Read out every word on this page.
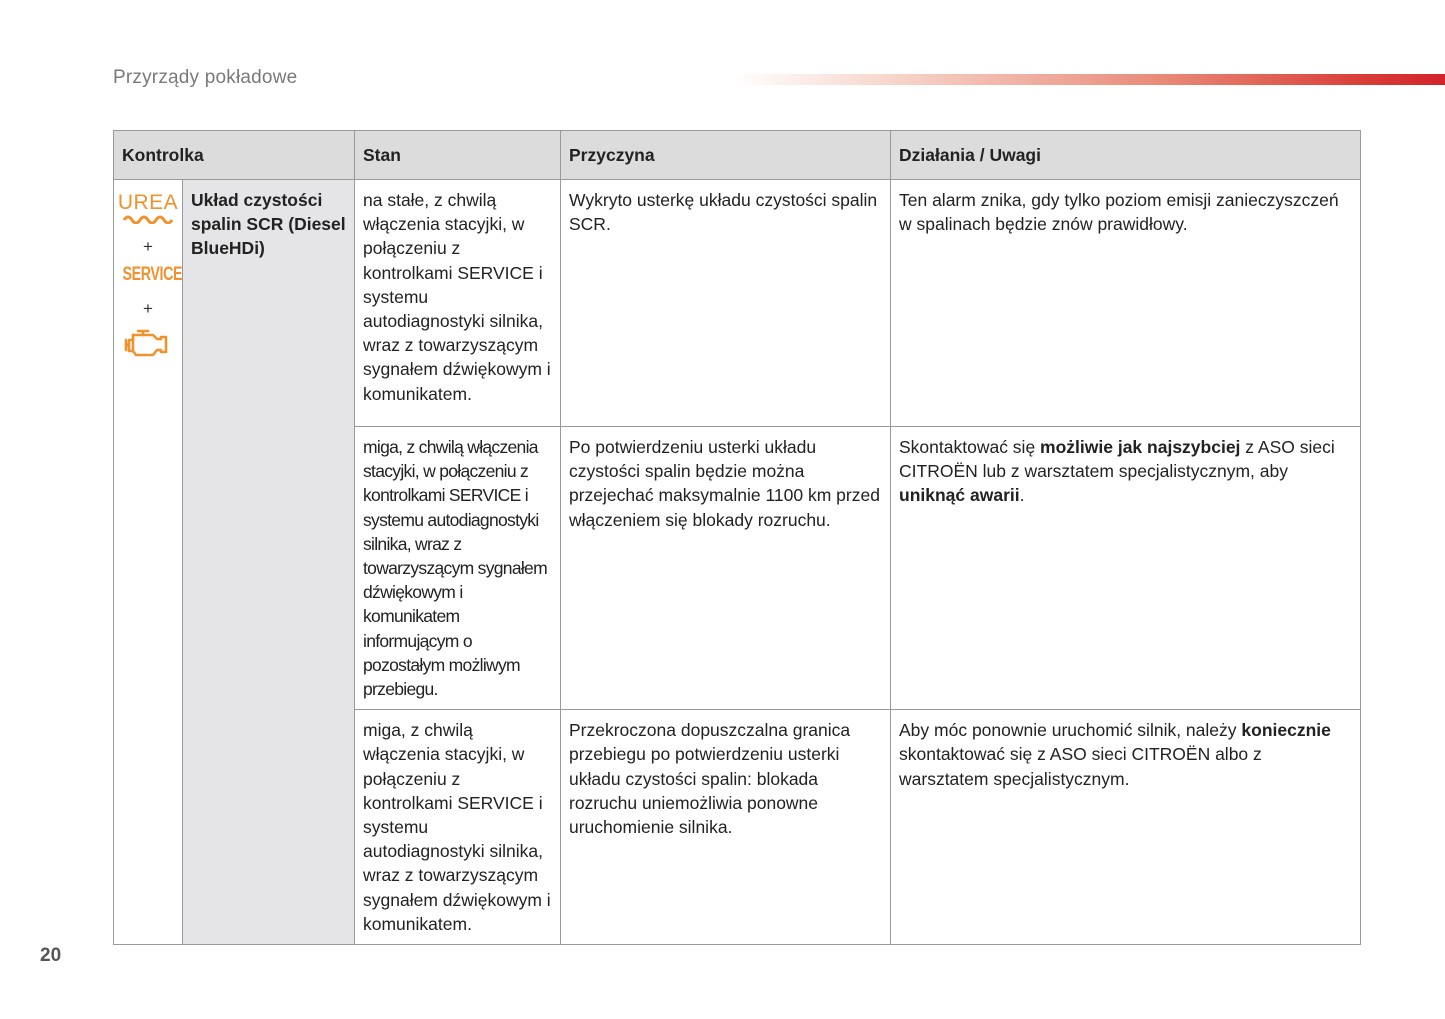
Przyrządy pokładowe
Kontrolka		Stan	Przyczyna	Działania / Uwagi

UREA
+
SERVICE
+	Układ czystości spalin SCR (Diesel BlueHDi)	na stałe, z chwilą włączenia stacyjki, w połączeniu z kontrolkami SERVICE i systemu autodiagnostyki silnika, wraz z towarzyszącym sygnałem dźwiękowym i komunikatem.	Wykryto usterkę układu czystości spalin SCR.	Ten alarm znika, gdy tylko poziom emisji zanieczyszczeń w spalinach będzie znów prawidłowy.
		miga, z chwilą włączenia stacyjki, w połączeniu z kontrolkami SERVICE i systemu autodiagnostyki silnika, wraz z towarzyszącym sygnałem dźwiękowym i komunikatem informującym o pozostałym możliwym przebiegu.	Po potwierdzeniu usterki układu czystości spalin będzie można przejechać maksymalnie 1100 km przed włączeniem się blokady rozruchu.	Skontaktować się możliwie jak najszybciej z ASO sieci CITROËN lub z warsztatem specjalistycznym, aby uniknąć awarii.
		miga, z chwilą włączenia stacyjki, w połączeniu z kontrolkami SERVICE i systemu autodiagnostyki silnika, wraz z towarzyszącym sygnałem dźwiękowym i komunikatem.	Przekroczona dopuszczalna granica przebiegu po potwierdzeniu usterki układu czystości spalin: blokada rozruchu uniemożliwia ponowne uruchomienie silnika.	Aby móc ponownie uruchomić silnik, należy koniecznie skontaktować się z ASO sieci CITROËN albo z warsztatem specjalistycznym.
20
